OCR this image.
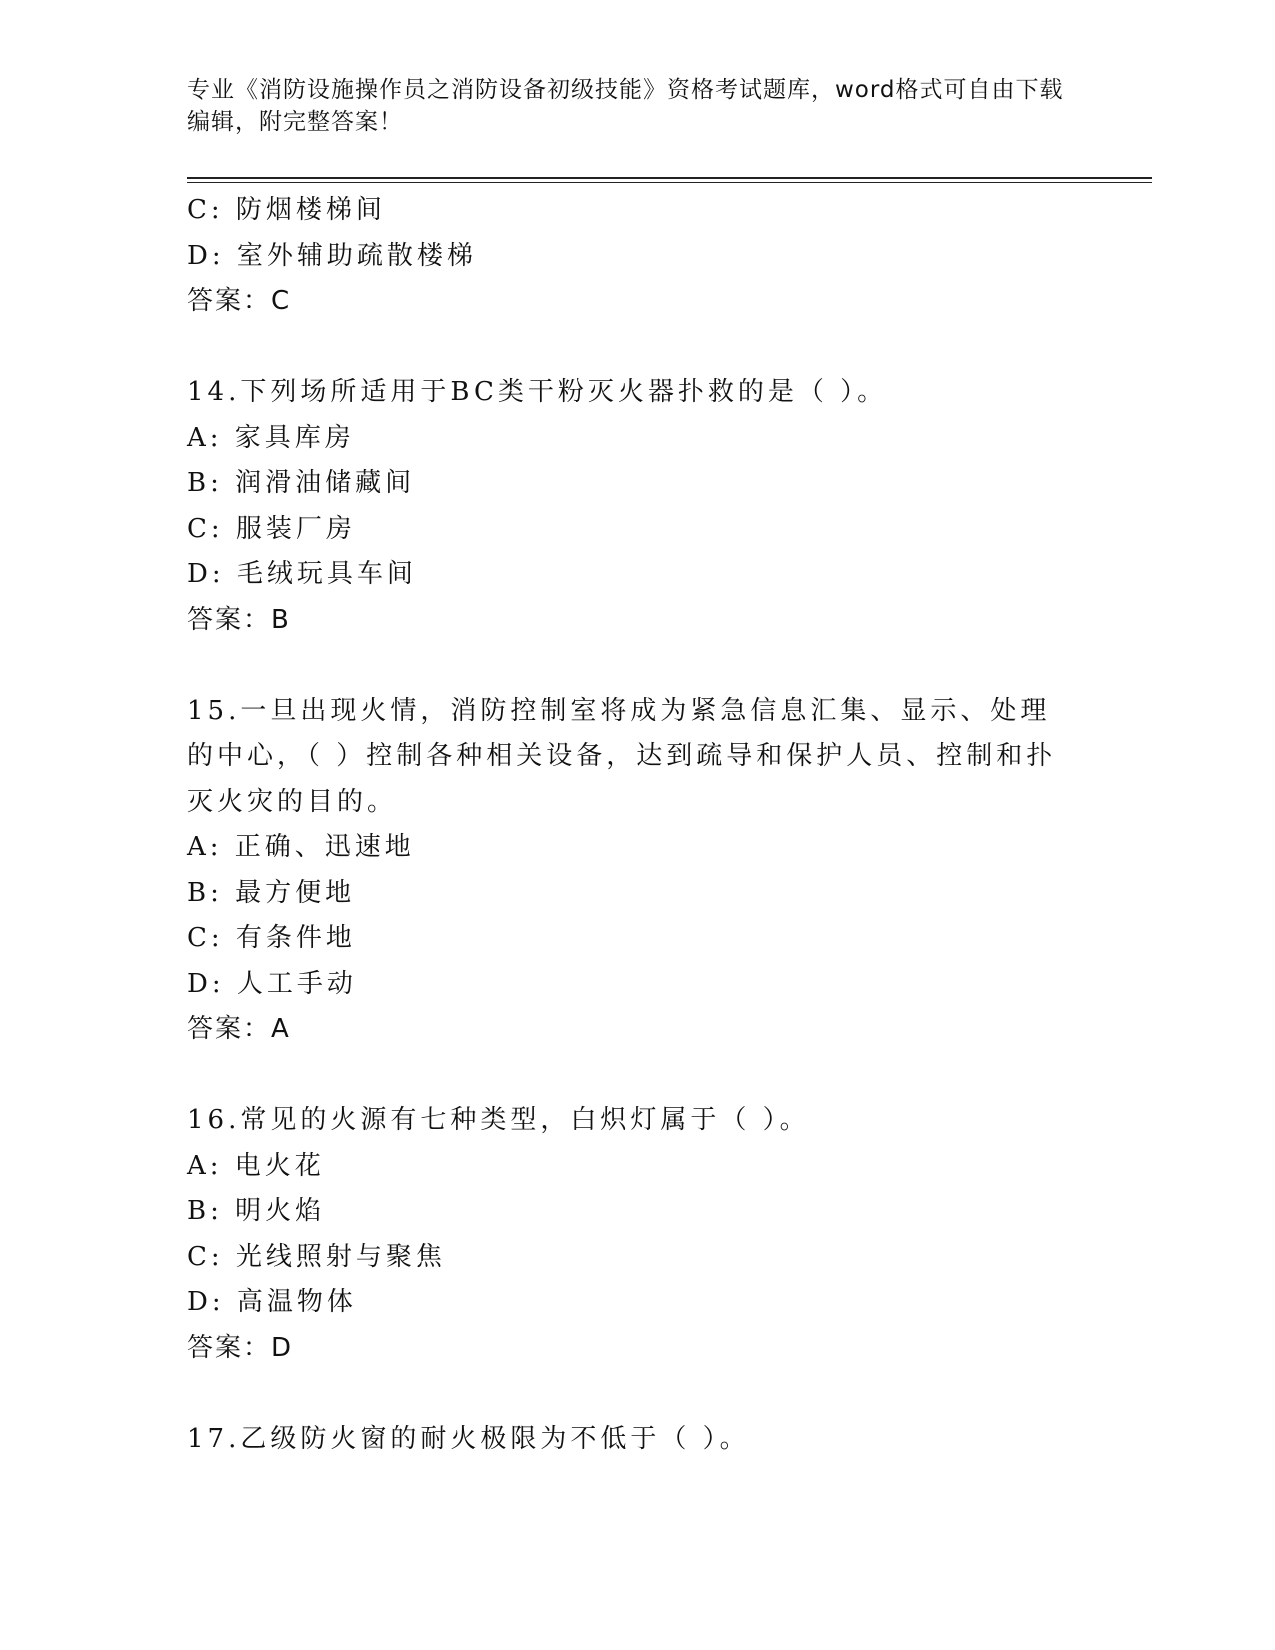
专业《消防设施操作员之消防设备初级技能》资格考试题库，word格式可自由下载编辑，附完整答案！
C: 防烟楼梯间
D: 室外辅助疏散楼梯
答案：C
14.下列场所适用于BC类干粉灭火器扑救的是（ ）。
A: 家具库房
B: 润滑油储藏间
C: 服装厂房
D: 毛绒玩具车间
答案：B
15.一旦出现火情，消防控制室将成为紧急信息汇集、显示、处理的中心，（ ）控制各种相关设备，达到疏导和保护人员、控制和扑灭火灾的目的。
A: 正确、迅速地
B: 最方便地
C: 有条件地
D: 人工手动
答案：A
16.常见的火源有七种类型，白炽灯属于（ ）。
A: 电火花
B: 明火焰
C: 光线照射与聚焦
D: 高温物体
答案：D
17.乙级防火窗的耐火极限为不低于（ ）。
